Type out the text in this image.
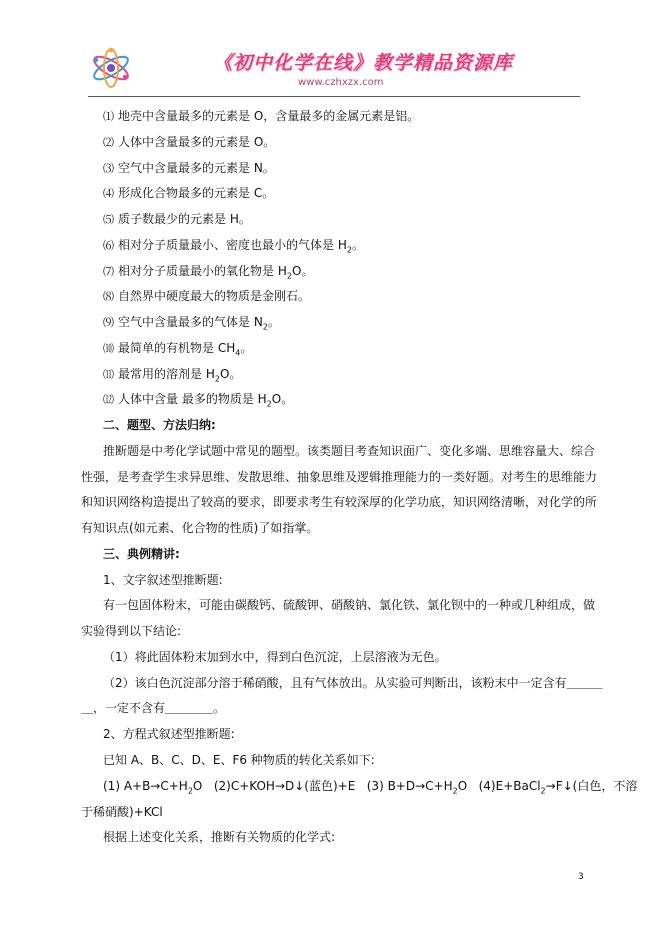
《初中化学在线》教学精品资源库
www.czhxzx.com
⑴ 地壳中含量最多的元素是 O，含量最多的金属元素是铝。
⑵ 人体中含量最多的元素是 O。
⑶ 空气中含量最多的元素是 N。
⑷ 形成化合物最多的元素是 C。
⑸ 质子数最少的元素是 H。
⑹ 相对分子质量最小、密度也最小的气体是 $H_2$。
⑺ 相对分子质量最小的氧化物是 $H_2O$。
⑻ 自然界中硬度最大的物质是金刚石。
⑼ 空气中含量最多的气体是 $N_2$。
⑽ 最简单的有机物是 $CH_4$。
⑾ 最常用的溶剂是 $H_2O$。
⑿ 人体中含量 最多的物质是 $H_2O$。
二、题型、方法归纳:
推断题是中考化学试题中常见的题型。该类题目考查知识面广、变化多端、思维容量大、综合
性强，是考查学生求异思维、发散思维、抽象思维及逻辑推理能力的一类好题。对考生的思维能力
和知识网络构造提出了较高的要求，即要求考生有较深厚的化学功底，知识网络清晰，对化学的所
有知识点(如元素、化合物的性质)了如指掌。
三、典例精讲:
1、文字叙述型推断题:
有一包固体粉末，可能由碳酸钙、硫酸钾、硝酸钠、氯化铁、氯化钡中的一种或几种组成，做
实验得到以下结论:
（1）将此固体粉末加到水中，得到白色沉淀，上层溶液为无色。
（2）该白色沉淀部分溶于稀硝酸，且有气体放出。从实验可判断出，该粉末中一定含有＿＿＿
＿，一定不含有＿＿＿＿。
2、方程式叙述型推断题:
已知 A、B、C、D、E、F6 种物质的转化关系如下:
(1) $A+B\to C+H_2O$ (2)C+KOH→D↓(蓝色)+E (3) $B+D\to C+H_2O$ (4)E+BaCl$_2$→F↓(白色，不溶
于稀硝酸)+KCl
根据上述变化关系，推断有关物质的化学式:
3
